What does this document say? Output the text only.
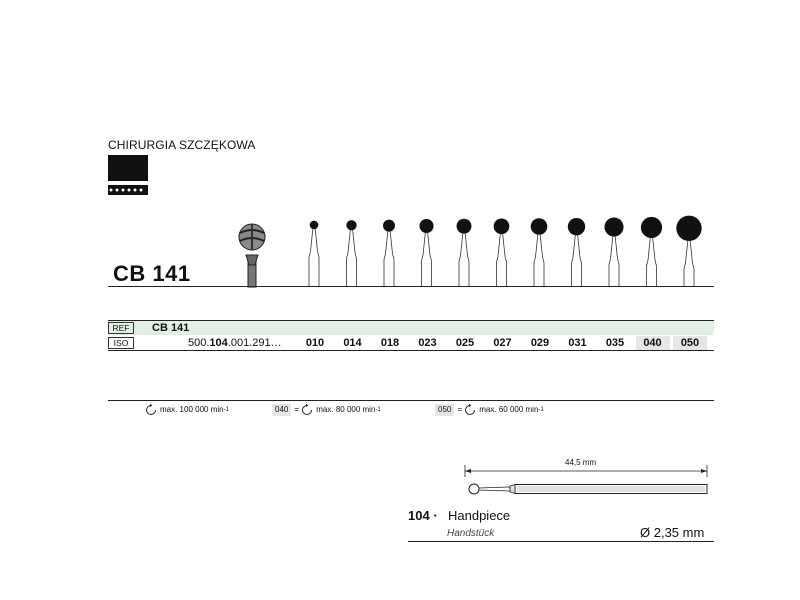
CHIRURGIA SZCZĘKOWA
CB 141
REF	CB 141
ISO	500.104.001.291…	010	014	018	023	025	027	029	031	035	040	050
max. 100 000 min -1	040 = max. 80 000 min -1	050 = max. 60 000 min -1
44,5 mm
104 · Handpiece
Handstück	Ø 2,35 mm
